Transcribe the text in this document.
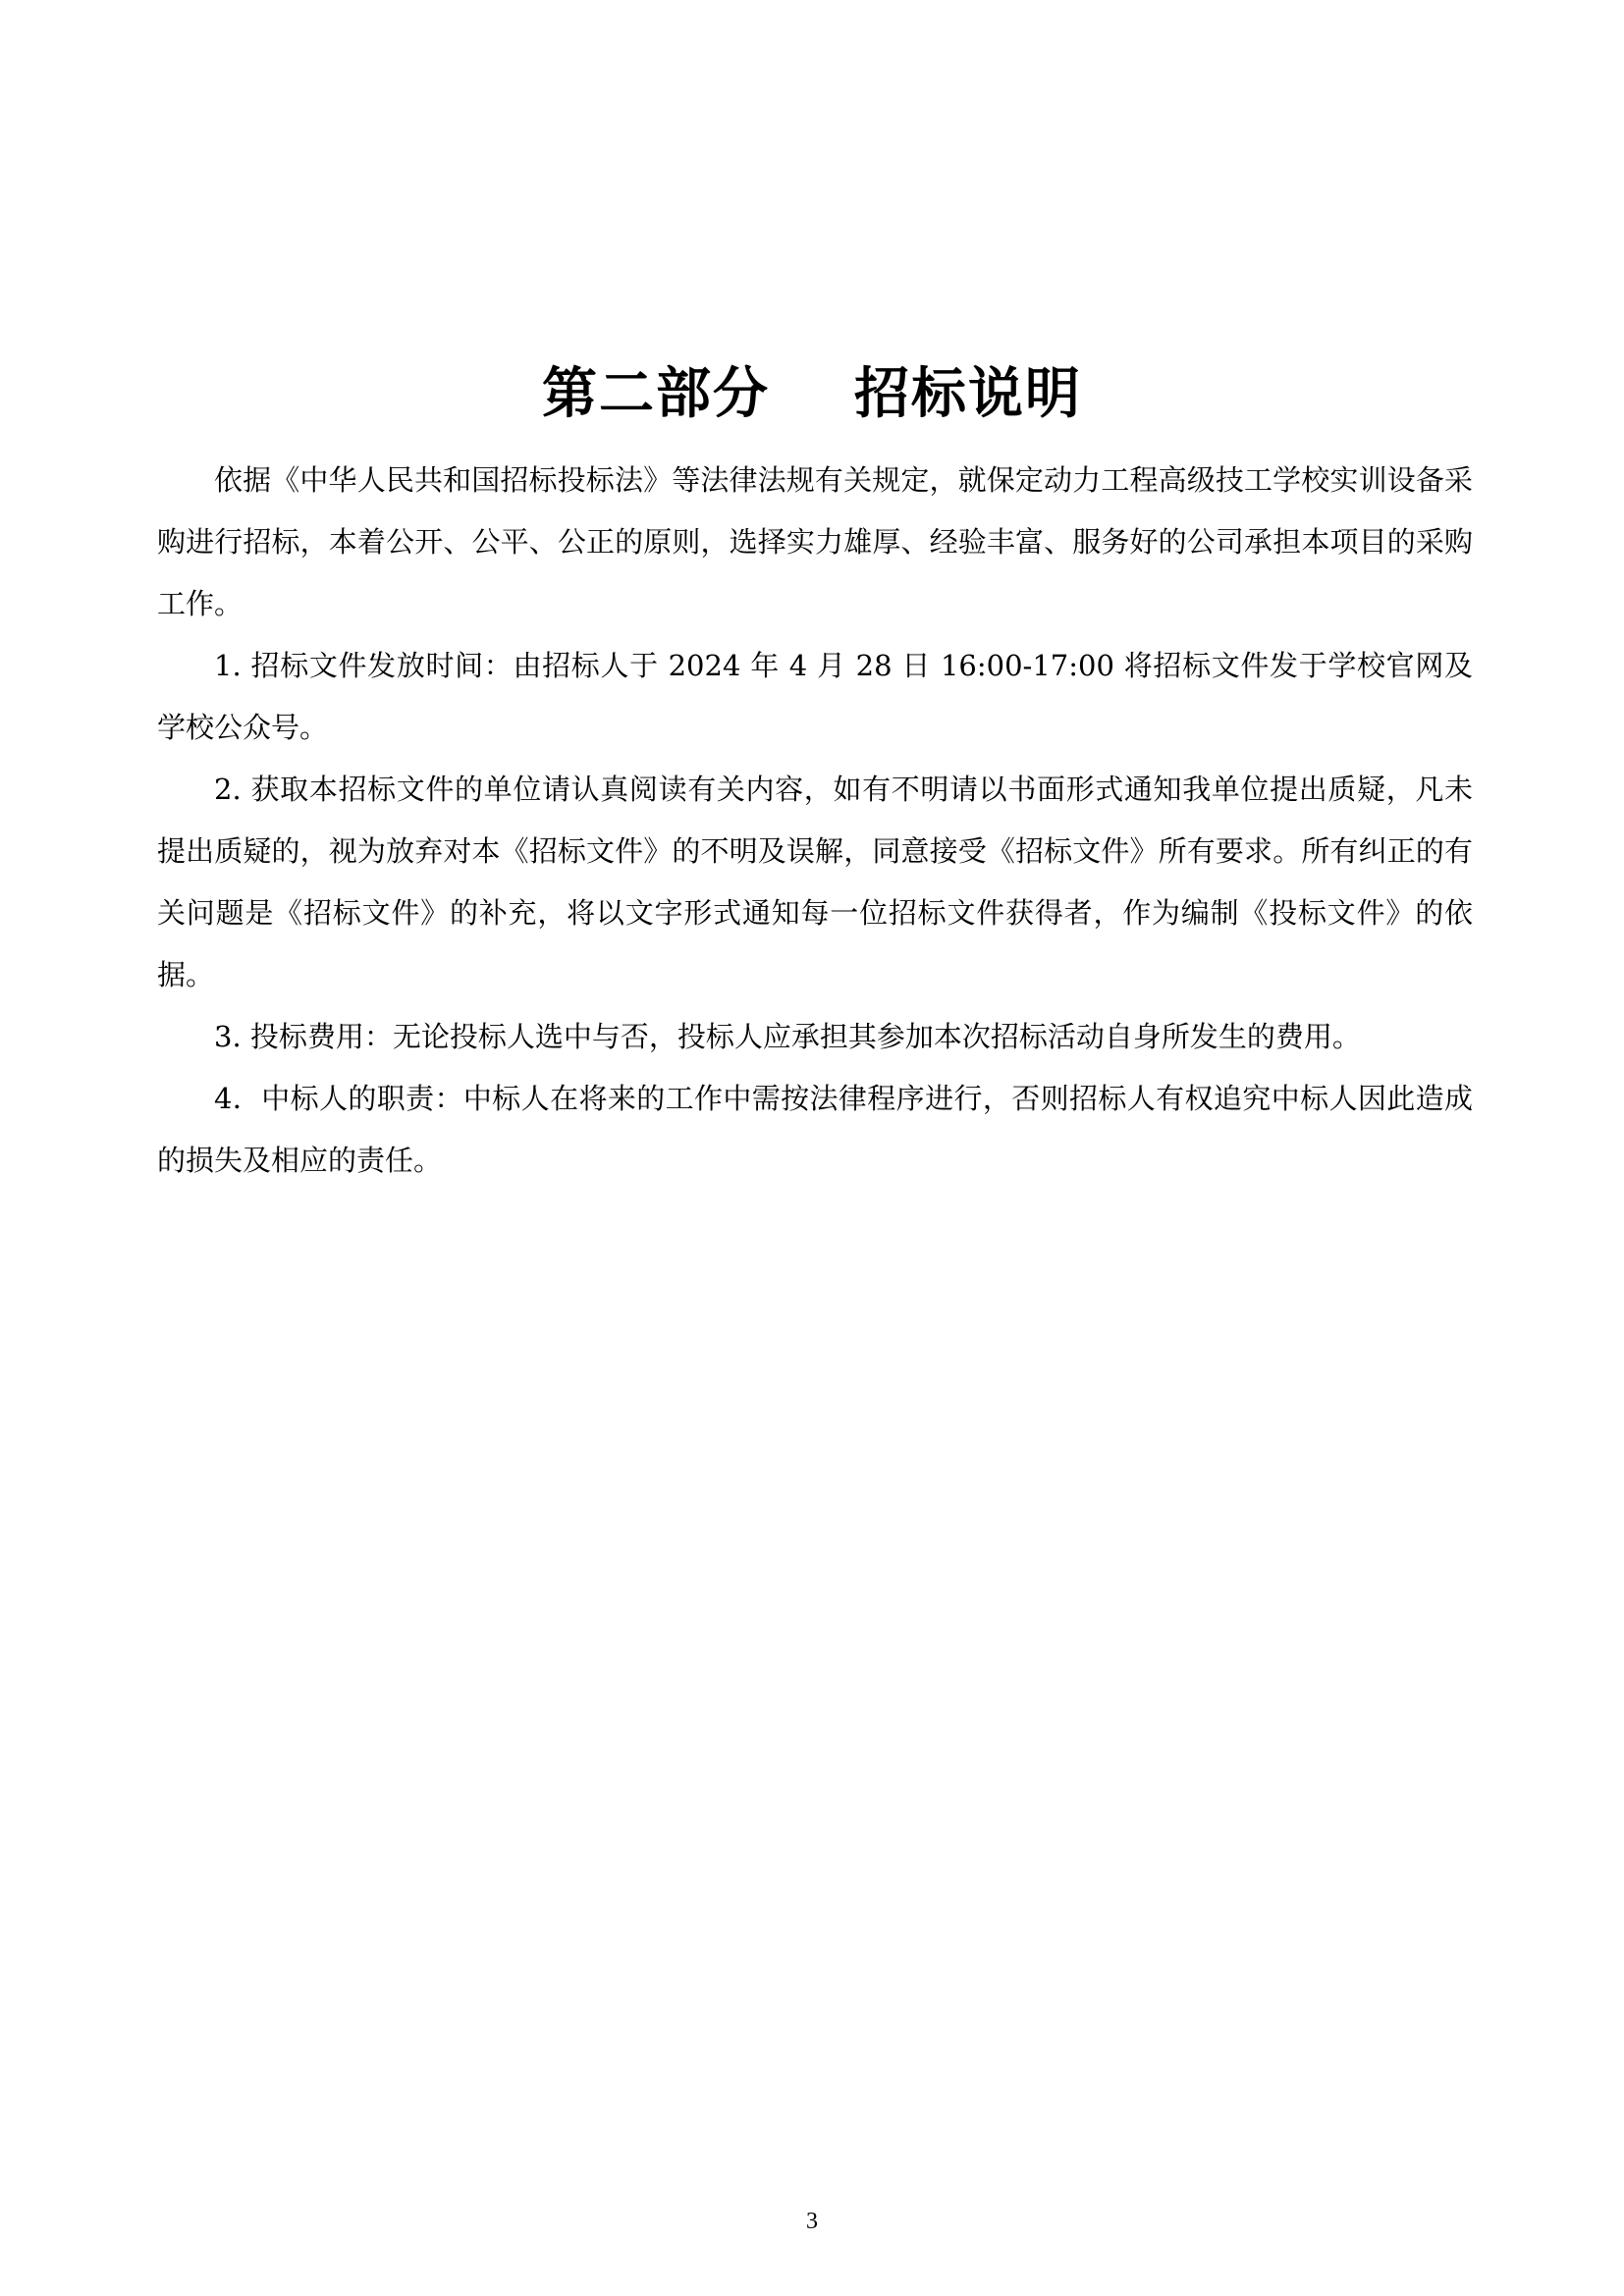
第二部分    招标说明

依据《中华人民共和国招标投标法》等法律法规有关规定，就保定动力工程高级技工学校实训设备采购进行招标，本着公开、公平、公正的原则，选择实力雄厚、经验丰富、服务好的公司承担本项目的采购工作。

1. 招标文件发放时间：由招标人于 2024 年 4 月 28 日 16:00-17:00 将招标文件发于学校官网及学校公众号。

2. 获取本招标文件的单位请认真阅读有关内容，如有不明请以书面形式通知我单位提出质疑，凡未提出质疑的，视为放弃对本《招标文件》的不明及误解，同意接受《招标文件》所有要求。所有纠正的有关问题是《招标文件》的补充，将以文字形式通知每一位招标文件获得者，作为编制《投标文件》的依据。

3. 投标费用：无论投标人选中与否，投标人应承担其参加本次招标活动自身所发生的费用。

4．中标人的职责：中标人在将来的工作中需按法律程序进行，否则招标人有权追究中标人因此造成的损失及相应的责任。

3
